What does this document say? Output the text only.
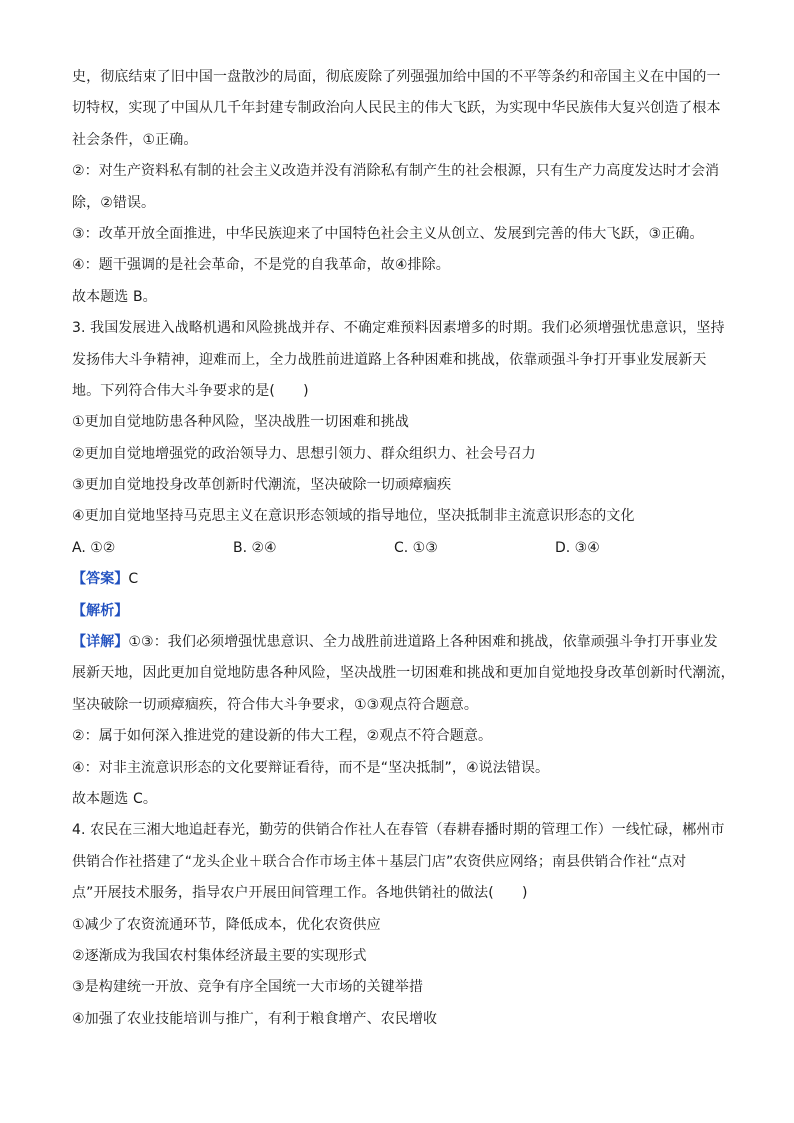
史，彻底结束了旧中国一盘散沙的局面，彻底废除了列强强加给中国的不平等条约和帝国主义在中国的一
切特权，实现了中国从几千年封建专制政治向人民民主的伟大飞跃，为实现中华民族伟大复兴创造了根本
社会条件，①正确。
②：对生产资料私有制的社会主义改造并没有消除私有制产生的社会根源，只有生产力高度发达时才会消
除，②错误。
③：改革开放全面推进，中华民族迎来了中国特色社会主义从创立、发展到完善的伟大飞跃，③正确。
④：题干强调的是社会革命，不是党的自我革命，故④排除。
故本题选 B。
3. 我国发展进入战略机遇和风险挑战并存、不确定难预料因素增多的时期。我们必须增强忧患意识，坚持
发扬伟大斗争精神，迎难而上，全力战胜前进道路上各种困难和挑战，依靠顽强斗争打开事业发展新天
地。下列符合伟大斗争要求的是(　　)
①更加自觉地防患各种风险，坚决战胜一切困难和挑战
②更加自觉地增强党的政治领导力、思想引领力、群众组织力、社会号召力
③更加自觉地投身改革创新时代潮流，坚决破除一切顽瘴痼疾
④更加自觉地坚持马克思主义在意识形态领域的指导地位，坚决抵制非主流意识形态的文化
A. ①②	B. ②④	C. ①③	D. ③④
【答案】C
【解析】
【详解】①③：我们必须增强忧患意识、全力战胜前进道路上各种困难和挑战，依靠顽强斗争打开事业发
展新天地，因此更加自觉地防患各种风险，坚决战胜一切困难和挑战和更加自觉地投身改革创新时代潮流，
坚决破除一切顽瘴痼疾，符合伟大斗争要求，①③观点符合题意。
②：属于如何深入推进党的建设新的伟大工程，②观点不符合题意。
④：对非主流意识形态的文化要辩证看待，而不是“坚决抵制”，④说法错误。
故本题选 C。
4. 农民在三湘大地追赶春光，勤劳的供销合作社人在春管（春耕春播时期的管理工作）一线忙碌，郴州市
供销合作社搭建了“龙头企业＋联合合作市场主体＋基层门店”农资供应网络；南县供销合作社“点对
点”开展技术服务，指导农户开展田间管理工作。各地供销社的做法(　　)
①减少了农资流通环节，降低成本，优化农资供应
②逐渐成为我国农村集体经济最主要的实现形式
③是构建统一开放、竞争有序全国统一大市场的关键举措
④加强了农业技能培训与推广，有利于粮食增产、农民增收
